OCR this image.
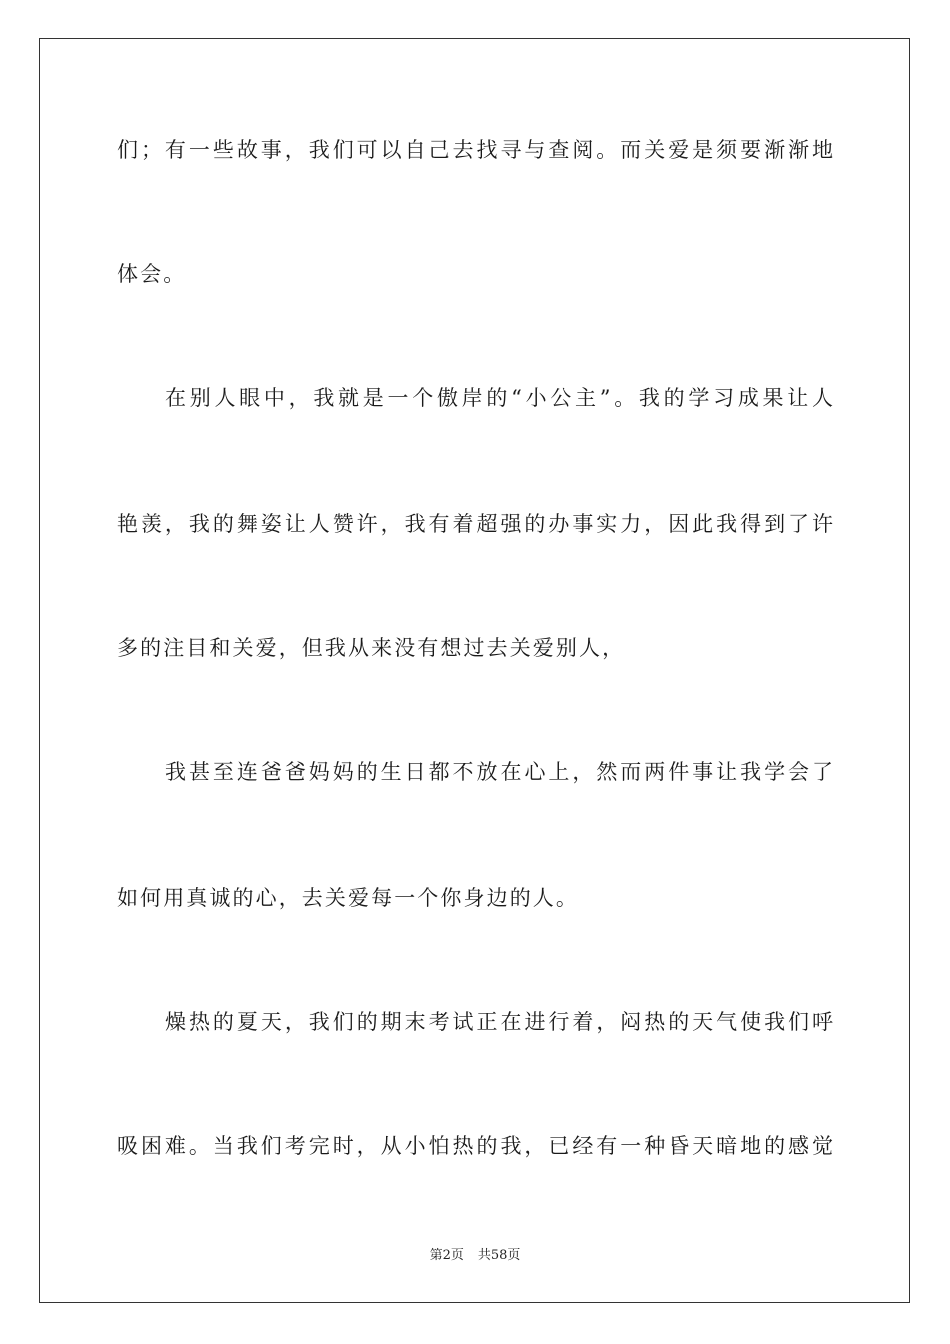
们；有一些故事，我们可以自己去找寻与查阅。而关爱是须要渐渐地
体会。
在别人眼中，我就是一个傲岸的“小公主”。我的学习成果让人
艳羡，我的舞姿让人赞许，我有着超强的办事实力，因此我得到了许
多的注目和关爱，但我从来没有想过去关爱别人，
我甚至连爸爸妈妈的生日都不放在心上，然而两件事让我学会了
如何用真诚的心，去关爱每一个你身边的人。
燥热的夏天，我们的期末考试正在进行着，闷热的天气使我们呼
吸困难。当我们考完时，从小怕热的我，已经有一种昏天暗地的感觉
第2页 共58页
